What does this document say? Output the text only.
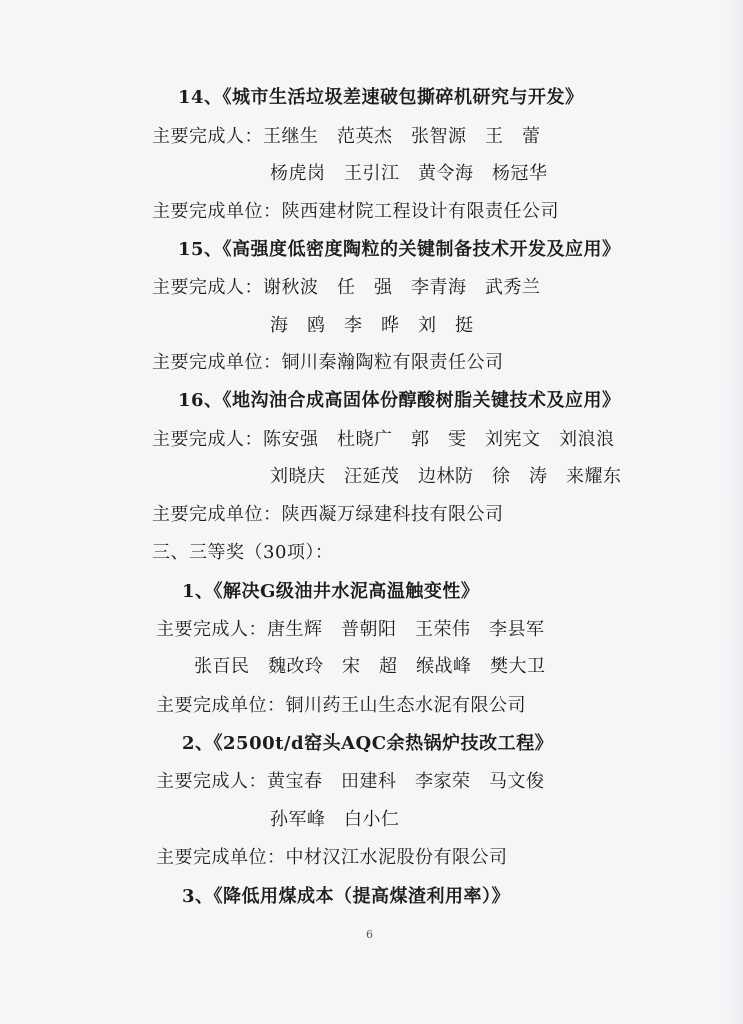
14、《城市生活垃圾差速破包撕碎机研究与开发》
主要完成人：王继生　范英杰　张智源　王　蕾
杨虎岗　王引江　黄令海　杨冠华
主要完成单位：陕西建材院工程设计有限责任公司
15、《高强度低密度陶粒的关键制备技术开发及应用》
主要完成人：谢秋波　任　强　李青海　武秀兰
海　鸥　李　晔　刘　挺
主要完成单位：铜川秦瀚陶粒有限责任公司
16、《地沟油合成高固体份醇酸树脂关键技术及应用》
主要完成人：陈安强　杜晓广　郭　雯　刘宪文　刘浪浪
刘晓庆　汪延茂　边林防　徐　涛　来耀东
主要完成单位：陕西凝万绿建科技有限公司
三、三等奖（30项）：
1、《解决G级油井水泥高温触变性》
主要完成人：唐生辉　普朝阳　王荣伟　李县军
张百民　魏改玲　宋　超　缑战峰　樊大卫
主要完成单位：铜川药王山生态水泥有限公司
2、《2500t/d窑头AQC余热锅炉技改工程》
主要完成人：黄宝春　田建科　李家荣　马文俊
孙军峰　白小仁
主要完成单位：中材汉江水泥股份有限公司
3、《降低用煤成本（提高煤渣利用率）》
6
